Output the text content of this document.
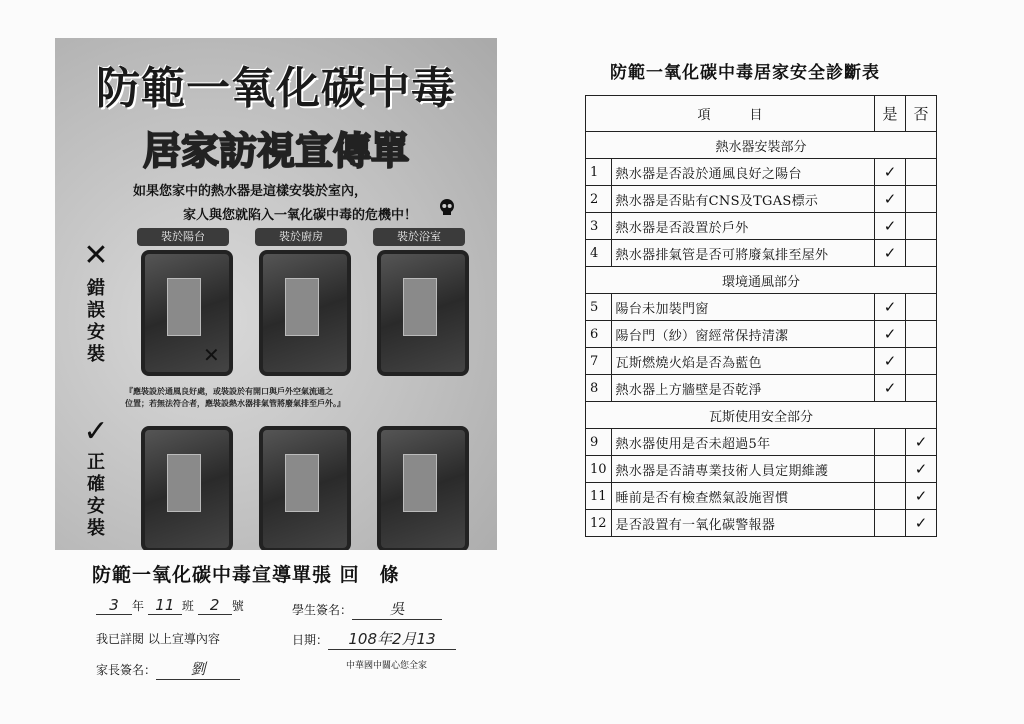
防範一氧化碳中毒
居家訪視宣傳單
如果您家中的熱水器是這樣安裝於室內，
家人與您就陷入一氧化碳中毒的危機中！
✕
錯誤安裝
裝於陽台	裝於廚房	裝於浴室
✕
『應裝設於通風良好處，或裝設於有開口與戶外空氣流通之
位置；若無法符合者，應裝設熱水器排氣管將廢氣排至戶外。』
✓
正確安裝
防範一氧化碳中毒宣導單張 回　條
3 年 11 班 2 號	學生簽名： 吳
我已詳閱 以上宣導內容	日期： 108年2月13
家長簽名： 劉	中華國中關心您全家
防範一氧化碳中毒居家安全診斷表
項　　　目		是	否
熱水器安裝部分			
1	熱水器是否設於通風良好之陽台	✓	
2	熱水器是否貼有CNS及TGAS標示	✓	
3	熱水器是否設置於戶外	✓	
4	熱水器排氣管是否可將廢氣排至屋外	✓	
環境通風部分			
5	陽台未加裝門窗	✓	
6	陽台門（紗）窗經常保持清潔	✓	
7	瓦斯燃燒火焰是否為藍色	✓	
8	熱水器上方牆壁是否乾淨	✓	
瓦斯使用安全部分			
9	熱水器使用是否未超過5年		✓
10	熱水器是否請專業技術人員定期維護		✓
11	睡前是否有檢查燃氣設施習慣		✓
12	是否設置有一氧化碳警報器		✓
